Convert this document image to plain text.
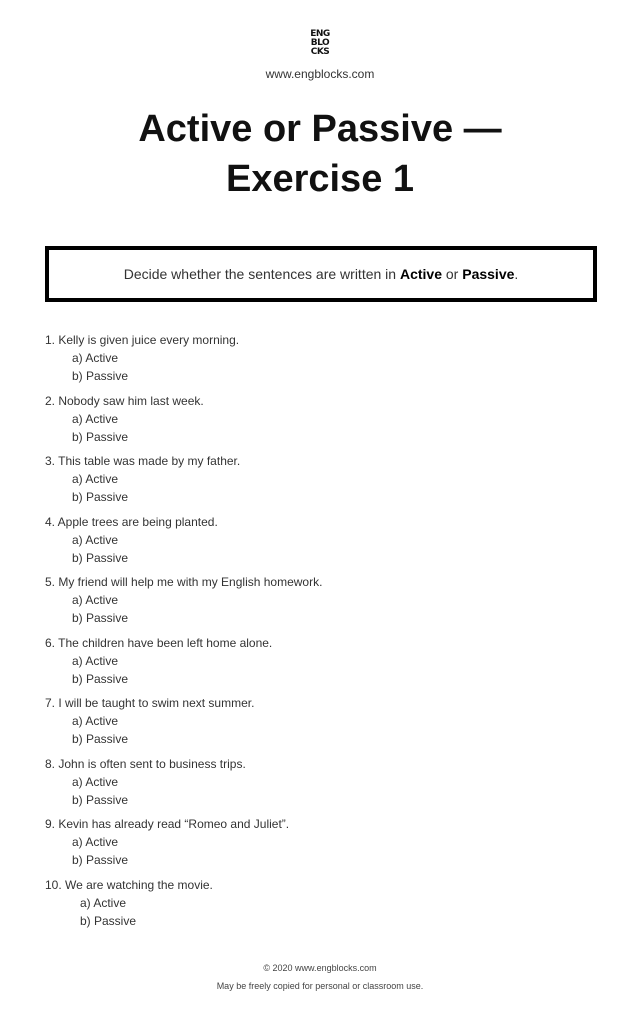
ENG
BLO
CKS
www.engblocks.com
Active or Passive —
Exercise 1
Decide whether the sentences are written in Active or Passive.
1. Kelly is given juice every morning.
a) Active
b) Passive
2. Nobody saw him last week.
a) Active
b) Passive
3. This table was made by my father.
a) Active
b) Passive
4. Apple trees are being planted.
a) Active
b) Passive
5. My friend will help me with my English homework.
a) Active
b) Passive
6. The children have been left home alone.
a) Active
b) Passive
7. I will be taught to swim next summer.
a) Active
b) Passive
8. John is often sent to business trips.
a) Active
b) Passive
9. Kevin has already read “Romeo and Juliet”.
a) Active
b) Passive
10. We are watching the movie.
a) Active
b) Passive
© 2020 www.engblocks.com
May be freely copied for personal or classroom use.
